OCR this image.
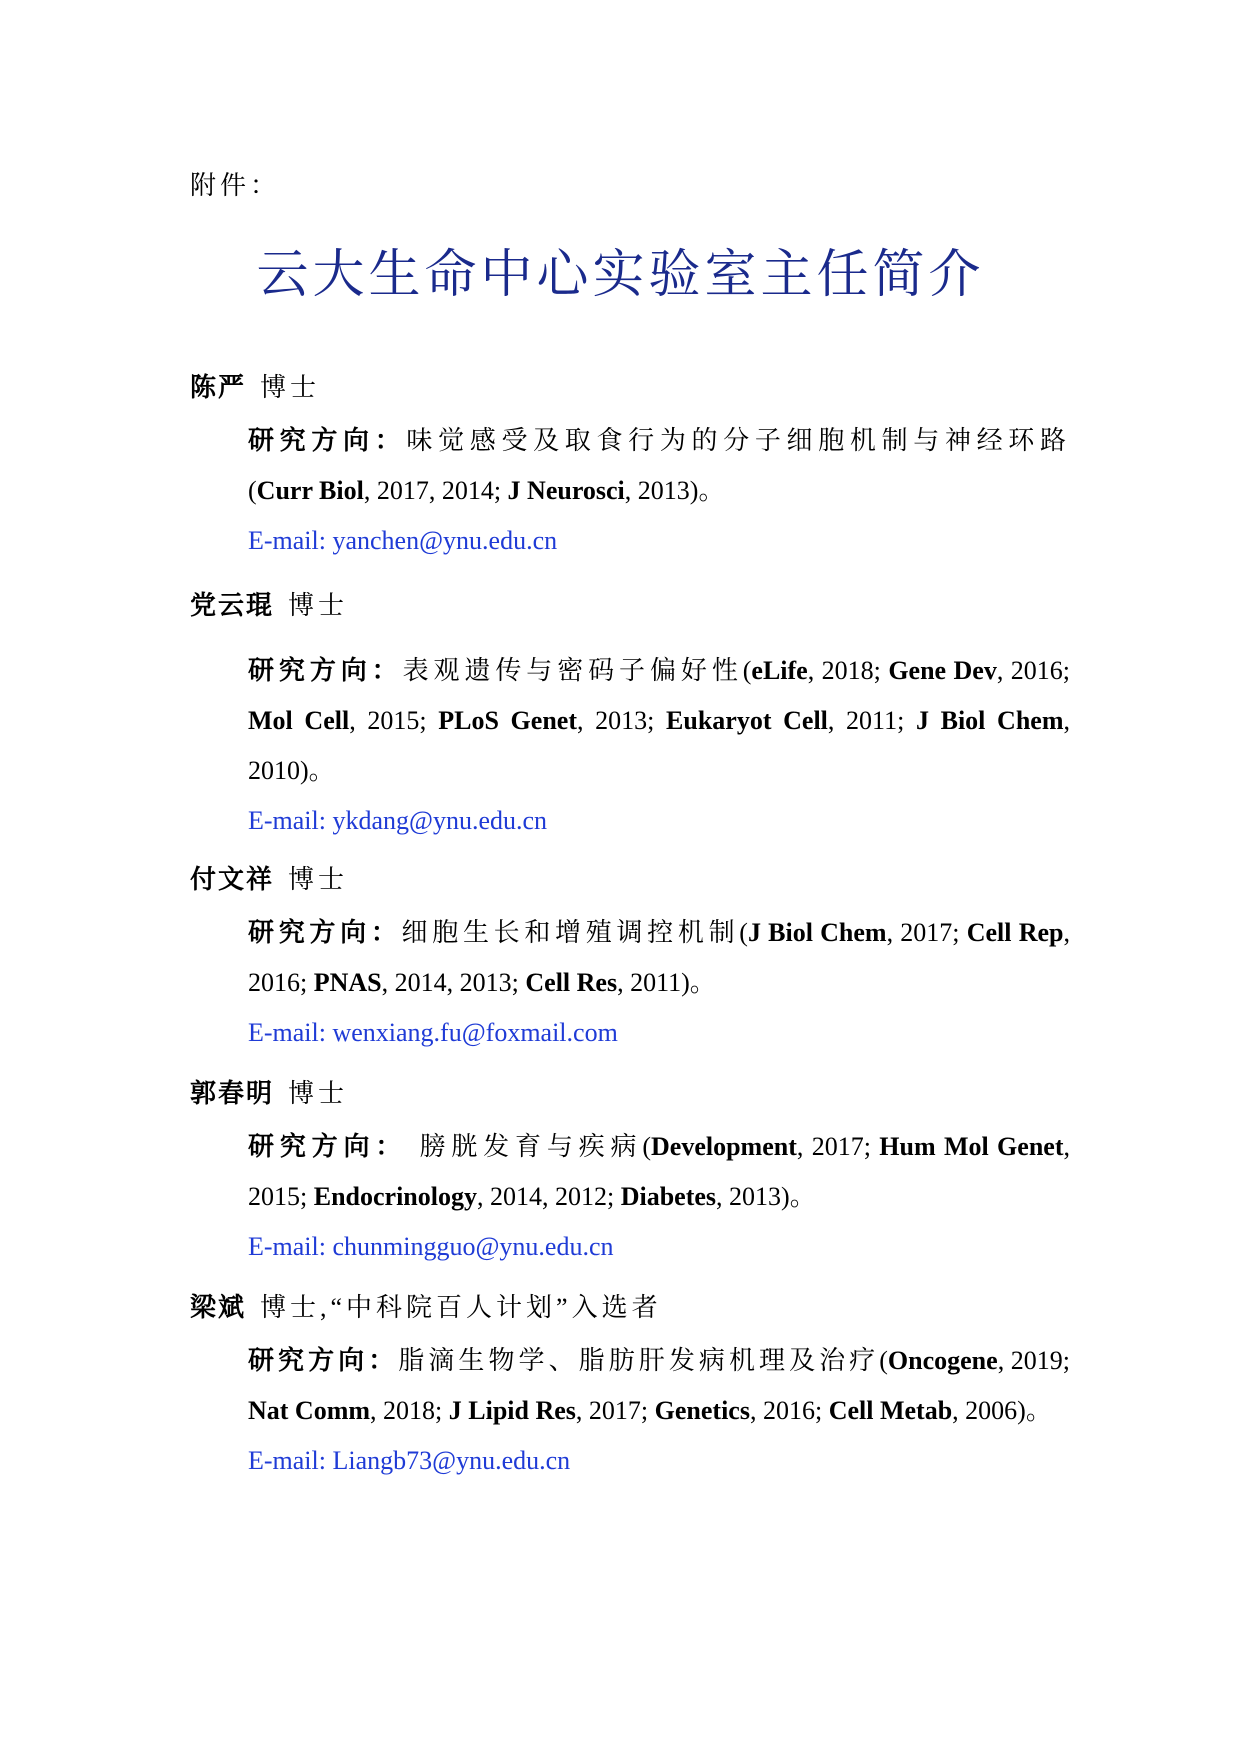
附件：
云大生命中心实验室主任简介
陈严 博士
研究方向：味觉感受及取食行为的分子细胞机制与神经环路(Curr Biol, 2017, 2014; J Neurosci, 2013)。
E-mail: yanchen@ynu.edu.cn
党云琨 博士
研究方向：表观遗传与密码子偏好性(eLife, 2018; Gene Dev, 2016; Mol Cell, 2015; PLoS Genet, 2013; Eukaryot Cell, 2011; J Biol Chem, 2010)。
E-mail: ykdang@ynu.edu.cn
付文祥 博士
研究方向：细胞生长和增殖调控机制(J Biol Chem, 2017; Cell Rep, 2016; PNAS, 2014, 2013; Cell Res, 2011)。
E-mail: wenxiang.fu@foxmail.com
郭春明 博士
研究方向： 膀胱发育与疾病(Development, 2017; Hum Mol Genet, 2015; Endocrinology, 2014, 2012; Diabetes, 2013)。
E-mail: chunmingguo@ynu.edu.cn
梁斌 博士,“中科院百人计划”入选者
研究方向：脂滴生物学、脂肪肝发病机理及治疗(Oncogene, 2019; Nat Comm, 2018; J Lipid Res, 2017; Genetics, 2016; Cell Metab, 2006)。
E-mail: Liangb73@ynu.edu.cn
